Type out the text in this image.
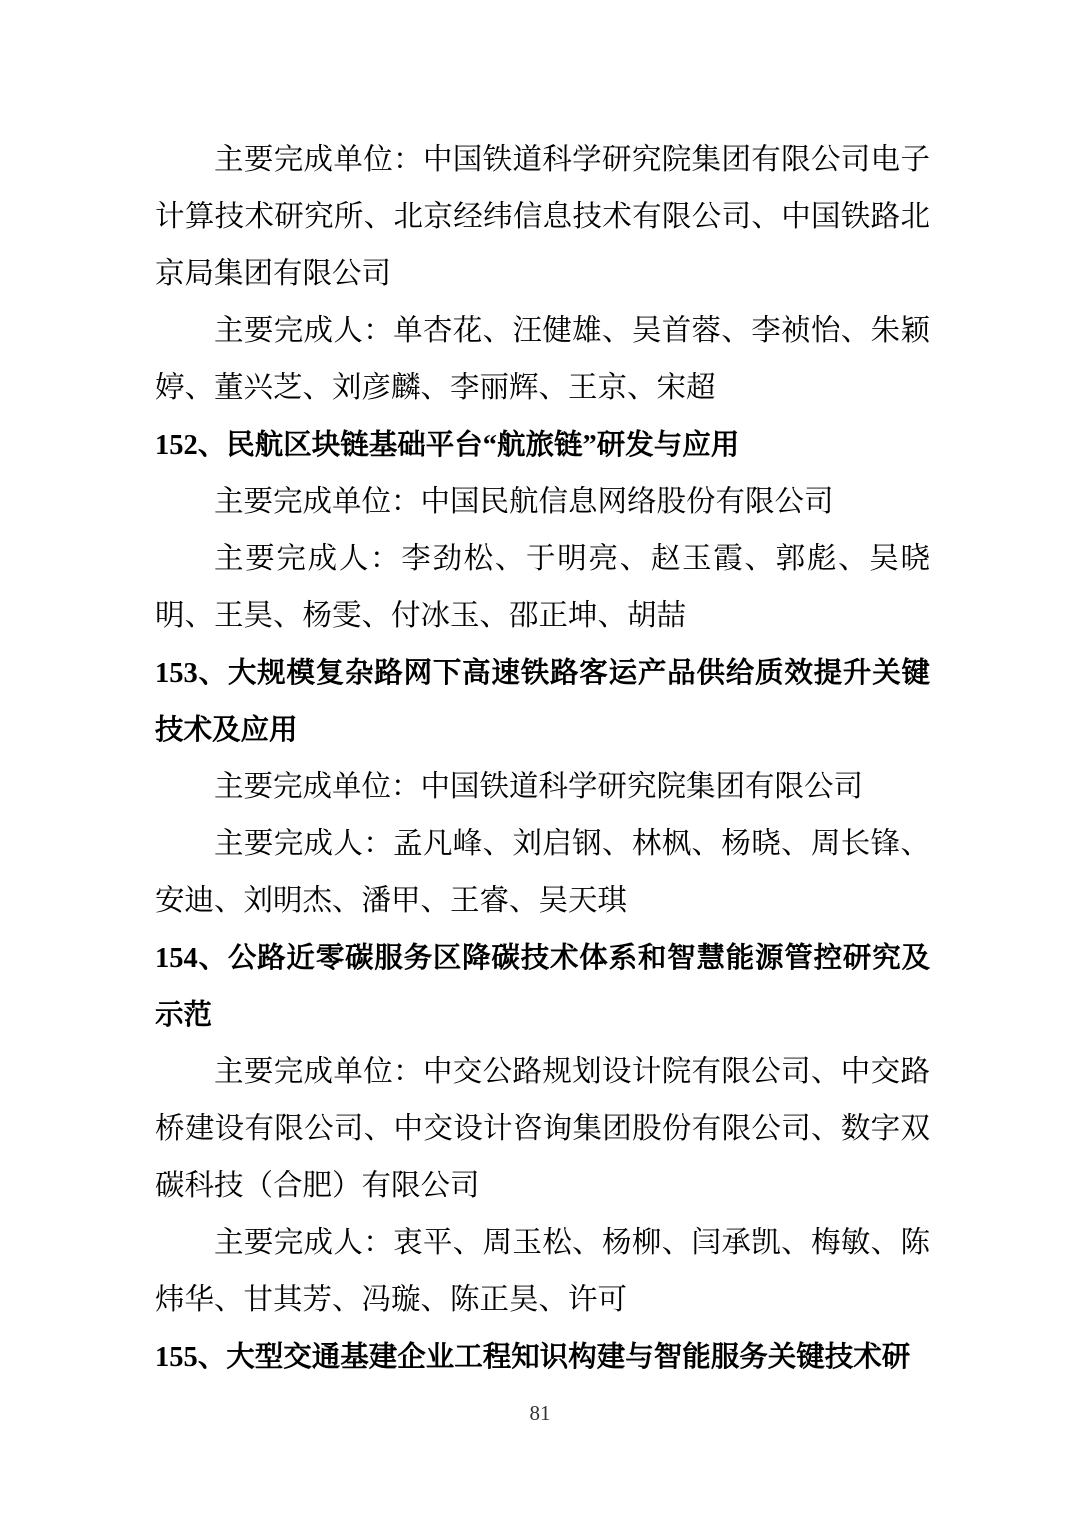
主要完成单位：中国铁道科学研究院集团有限公司电子计算技术研究所、北京经纬信息技术有限公司、中国铁路北京局集团有限公司

主要完成人：单杏花、汪健雄、吴首蓉、李祯怡、朱颖婷、董兴芝、刘彦麟、李丽辉、王京、宋超

152、民航区块链基础平台“航旅链”研发与应用

主要完成单位：中国民航信息网络股份有限公司

主要完成人：李劲松、于明亮、赵玉霞、郭彪、吴晓明、王昊、杨雯、付冰玉、邵正坤、胡喆

153、大规模复杂路网下高速铁路客运产品供给质效提升关键技术及应用

主要完成单位：中国铁道科学研究院集团有限公司

主要完成人：孟凡峰、刘启钢、林枫、杨晓、周长锋、安迪、刘明杰、潘甲、王睿、吴天琪

154、公路近零碳服务区降碳技术体系和智慧能源管控研究及示范

主要完成单位：中交公路规划设计院有限公司、中交路桥建设有限公司、中交设计咨询集团股份有限公司、数字双碳科技（合肥）有限公司

主要完成人：衷平、周玉松、杨柳、闫承凯、梅敏、陈炜华、甘其芳、冯璇、陈正昊、许可

155、大型交通基建企业工程知识构建与智能服务关键技术研
81
